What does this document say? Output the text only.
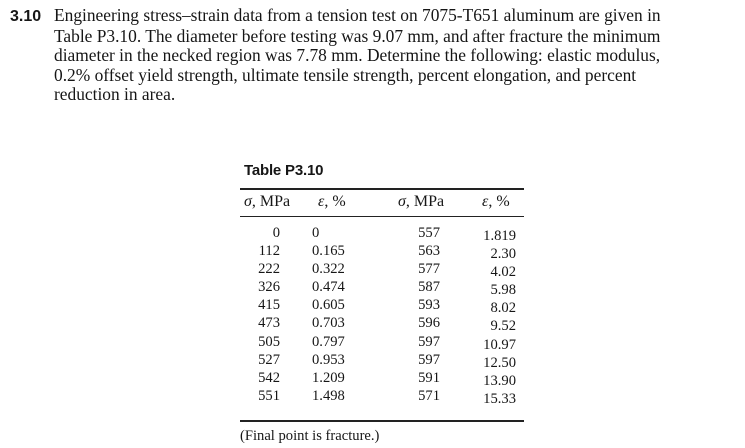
3.10 Engineering stress–strain data from a tension test on 7075-T651 aluminum are given in
Table P3.10. The diameter before testing was 9.07 mm, and after fracture the minimum
diameter in the necked region was 7.78 mm. Determine the following: elastic modulus,
0.2% offset yield strength, ultimate tensile strength, percent elongation, and percent
reduction in area.
Table P3.10
σ, MPa ε, %	σ, MPa ε, %
0
112
222
326
415
473
505
527
542
551
0
0.165
0.322
0.474
0.605
0.703
0.797
0.953
1.209
1.498
557
563
577
587
593
596
597
597
591
571
1.819
2.30
4.02
5.98
8.02
9.52
10.97
12.50
13.90
15.33
(Final point is fracture.)
